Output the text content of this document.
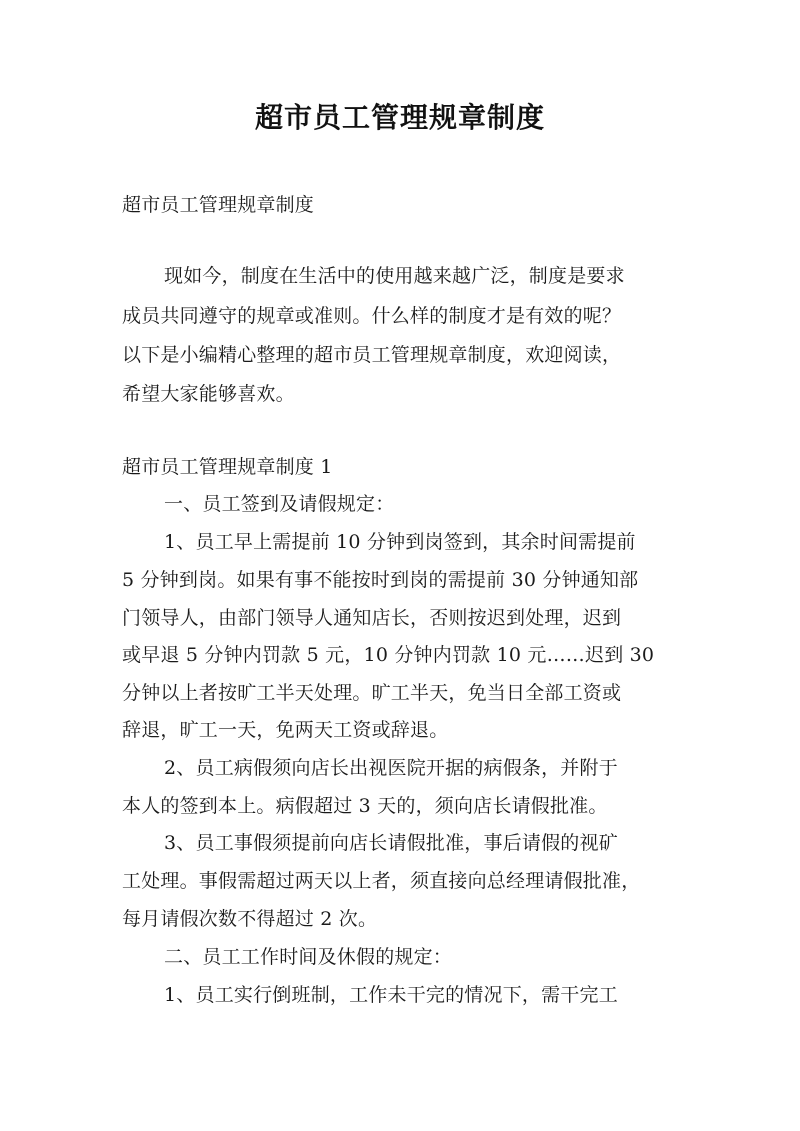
超市员工管理规章制度
超市员工管理规章制度
现如今，制度在生活中的使用越来越广泛，制度是要求
成员共同遵守的规章或准则。什么样的制度才是有效的呢？
以下是小编精心整理的超市员工管理规章制度，欢迎阅读，
希望大家能够喜欢。
超市员工管理规章制度 1
一、员工签到及请假规定：
1、员工早上需提前 10 分钟到岗签到，其余时间需提前
5 分钟到岗。如果有事不能按时到岗的需提前 30 分钟通知部
门领导人，由部门领导人通知店长，否则按迟到处理，迟到
或早退 5 分钟内罚款 5 元，10 分钟内罚款 10 元……迟到 30
分钟以上者按旷工半天处理。旷工半天，免当日全部工资或
辞退，旷工一天，免两天工资或辞退。
2、员工病假须向店长出视医院开据的病假条，并附于
本人的签到本上。病假超过 3 天的，须向店长请假批准。
3、员工事假须提前向店长请假批准，事后请假的视矿
工处理。事假需超过两天以上者，须直接向总经理请假批准，
每月请假次数不得超过 2 次。
二、员工工作时间及休假的规定：
1、员工实行倒班制，工作未干完的情况下，需干完工
